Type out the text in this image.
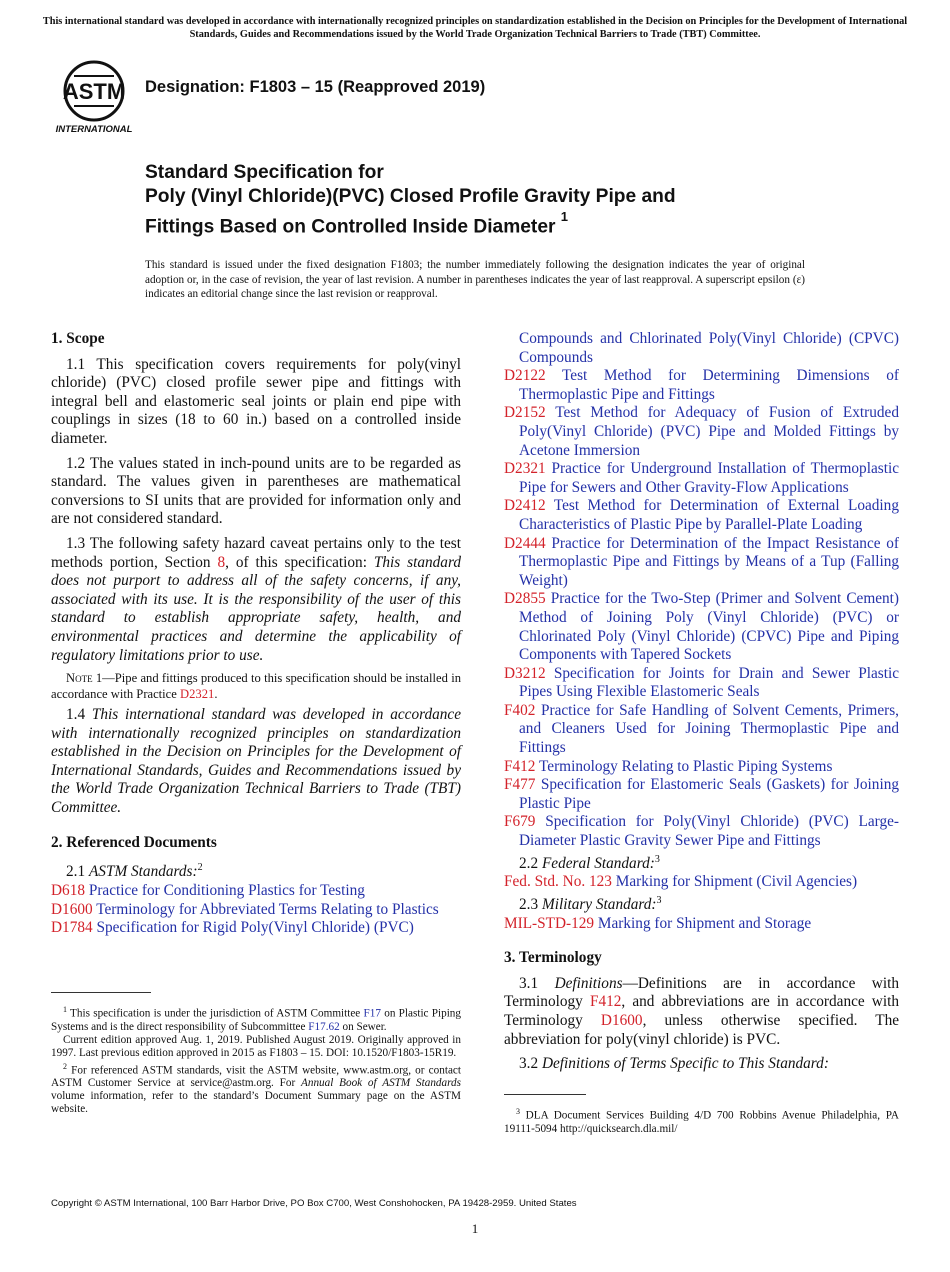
This international standard was developed in accordance with internationally recognized principles on standardization established in the Decision on Principles for the Development of International Standards, Guides and Recommendations issued by the World Trade Organization Technical Barriers to Trade (TBT) Committee.
ASTM
INTERNATIONAL
Designation: F1803 – 15 (Reapproved 2019)
Standard Specification for
Poly (Vinyl Chloride)(PVC) Closed Profile Gravity Pipe and
Fittings Based on Controlled Inside Diameter $^1$
This standard is issued under the fixed designation F1803; the number immediately following the designation indicates the year of original adoption or, in the case of revision, the year of last revision. A number in parentheses indicates the year of last reapproval. A superscript epsilon (ε) indicates an editorial change since the last revision or reapproval.
1. Scope

1.1 This specification covers requirements for poly(vinyl chloride) (PVC) closed profile sewer pipe and fittings with integral bell and elastomeric seal joints or plain end pipe with couplings in sizes (18 to 60 in.) based on a controlled inside diameter.

1.2 The values stated in inch-pound units are to be regarded as standard. The values given in parentheses are mathematical conversions to SI units that are provided for information only and are not considered standard.

1.3 The following safety hazard caveat pertains only to the test methods portion, Section 8, of this specification: This standard does not purport to address all of the safety concerns, if any, associated with its use. It is the responsibility of the user of this standard to establish appropriate safety, health, and environmental practices and determine the applicability of regulatory limitations prior to use.

Note 1—Pipe and fittings produced to this specification should be installed in accordance with Practice D2321.

1.4 This international standard was developed in accordance with internationally recognized principles on standardization established in the Decision on Principles for the Development of International Standards, Guides and Recommendations issued by the World Trade Organization Technical Barriers to Trade (TBT) Committee.

2. Referenced Documents
2.1 ASTM Standards:$^2$
D618 Practice for Conditioning Plastics for Testing
D1600 Terminology for Abbreviated Terms Relating to Plastics
D1784 Specification for Rigid Poly(Vinyl Chloride) (PVC)

$^1$ This specification is under the jurisdiction of ASTM Committee F17 on Plastic Piping Systems and is the direct responsibility of Subcommittee F17.62 on Sewer.

Current edition approved Aug. 1, 2019. Published August 2019. Originally approved in 1997. Last previous edition approved in 2015 as F1803 – 15. DOI: 10.1520/F1803-15R19.

$^2$ For referenced ASTM standards, visit the ASTM website, www.astm.org, or contact ASTM Customer Service at service@astm.org. For Annual Book of ASTM Standards volume information, refer to the standard’s Document Summary page on the ASTM website.

Compounds and Chlorinated Poly(Vinyl Chloride) (CPVC) Compounds
D2122 Test Method for Determining Dimensions of Thermoplastic Pipe and Fittings
D2152 Test Method for Adequacy of Fusion of Extruded Poly(Vinyl Chloride) (PVC) Pipe and Molded Fittings by Acetone Immersion
D2321 Practice for Underground Installation of Thermoplastic Pipe for Sewers and Other Gravity-Flow Applications
D2412 Test Method for Determination of External Loading Characteristics of Plastic Pipe by Parallel-Plate Loading
D2444 Practice for Determination of the Impact Resistance of Thermoplastic Pipe and Fittings by Means of a Tup (Falling Weight)
D2855 Practice for the Two-Step (Primer and Solvent Cement) Method of Joining Poly (Vinyl Chloride) (PVC) or Chlorinated Poly (Vinyl Chloride) (CPVC) Pipe and Piping Components with Tapered Sockets
D3212 Specification for Joints for Drain and Sewer Plastic Pipes Using Flexible Elastomeric Seals
F402 Practice for Safe Handling of Solvent Cements, Primers, and Cleaners Used for Joining Thermoplastic Pipe and Fittings
F412 Terminology Relating to Plastic Piping Systems
F477 Specification for Elastomeric Seals (Gaskets) for Joining Plastic Pipe
F679 Specification for Poly(Vinyl Chloride) (PVC) Large-Diameter Plastic Gravity Sewer Pipe and Fittings
2.2 Federal Standard:$^3$
Fed. Std. No. 123 Marking for Shipment (Civil Agencies)
2.3 Military Standard:$^3$
MIL-STD-129 Marking for Shipment and Storage
3. Terminology

3.1 Definitions—Definitions are in accordance with Terminology F412, and abbreviations are in accordance with Terminology D1600, unless otherwise specified. The abbreviation for poly(vinyl chloride) is PVC.

3.2 Definitions of Terms Specific to This Standard:

$^3$ DLA Document Services Building 4/D 700 Robbins Avenue Philadelphia, PA 19111-5094 http://quicksearch.dla.mil/

Copyright © ASTM International, 100 Barr Harbor Drive, PO Box C700, West Conshohocken, PA 19428-2959. United States
1
